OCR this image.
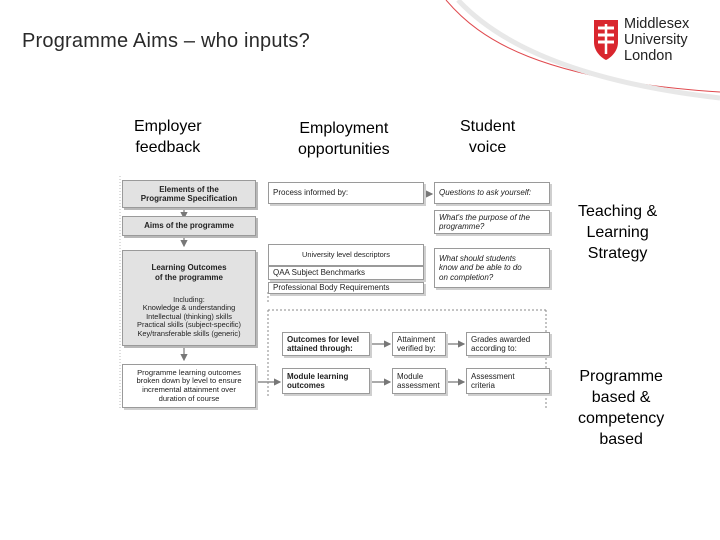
Programme Aims – who inputs?
Middlesex
University
London
Employer
feedback
Employment
opportunities
Student
voice
Teaching &
Learning
Strategy
Programme
based &
competency
based
Elements of the
Programme Specification
Aims of the programme
Learning Outcomes
of the programme
Including:
Knowledge & understanding
Intellectual (thinking) skills
Practical skills (subject-specific)
Key/transferable skills (generic)
Programme learning outcomes
broken down by level to ensure
incremental attainment over
duration of course
Process informed by:
University level descriptors
QAA Subject Benchmarks
Professional Body Requirements
Outcomes for level
attained through:
Module learning
outcomes
Questions to ask yourself:
What's the purpose of the
programme?
What should students
know and be able to do
on completion?
Attainment
verified by:
Module
assessment
Grades awarded
according to:
Assessment
criteria
